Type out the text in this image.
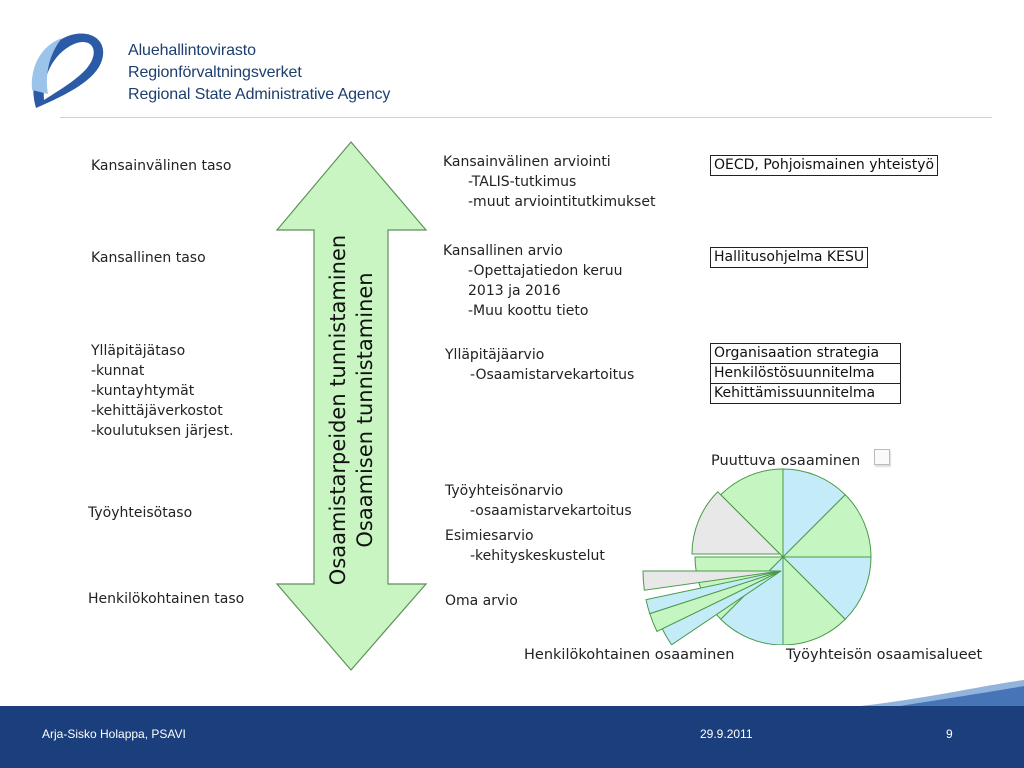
Aluehallintovirasto
Regionförvaltningsverket
Regional State Administrative Agency
Kansainvälinen taso
Kansallinen taso
Ylläpitäjätaso
-kunnat
-kuntayhtymät
-kehittäjäverkostot
-koulutuksen järjest.
Työyhteisötaso
Henkilökohtainen taso
Osaamistarpeiden tunnistaminen Osaamisen tunnistaminen
Kansainvälinen arviointi
-TALIS-tutkimus
-muut arviointitutkimukset
Kansallinen arvio
-Opettajatiedon keruu
2013 ja 2016
-Muu koottu tieto
Ylläpitäjäarvio
-Osaamistarvekartoitus
Työyhteisönarvio
-osaamistarvekartoitus
Esimiesarvio
-kehityskeskustelut
Oma arvio
OECD, Pohjoismainen yhteistyö
Hallitusohjelma KESU
Organisaation strategia
Henkilöstösuunnitelma
Kehittämissuunnitelma
Puuttuva osaaminen
Henkilökohtainen osaaminen	Työyhteisön osaamisalueet
Arja-Sisko Holappa, PSAVI	29.9.2011	9
